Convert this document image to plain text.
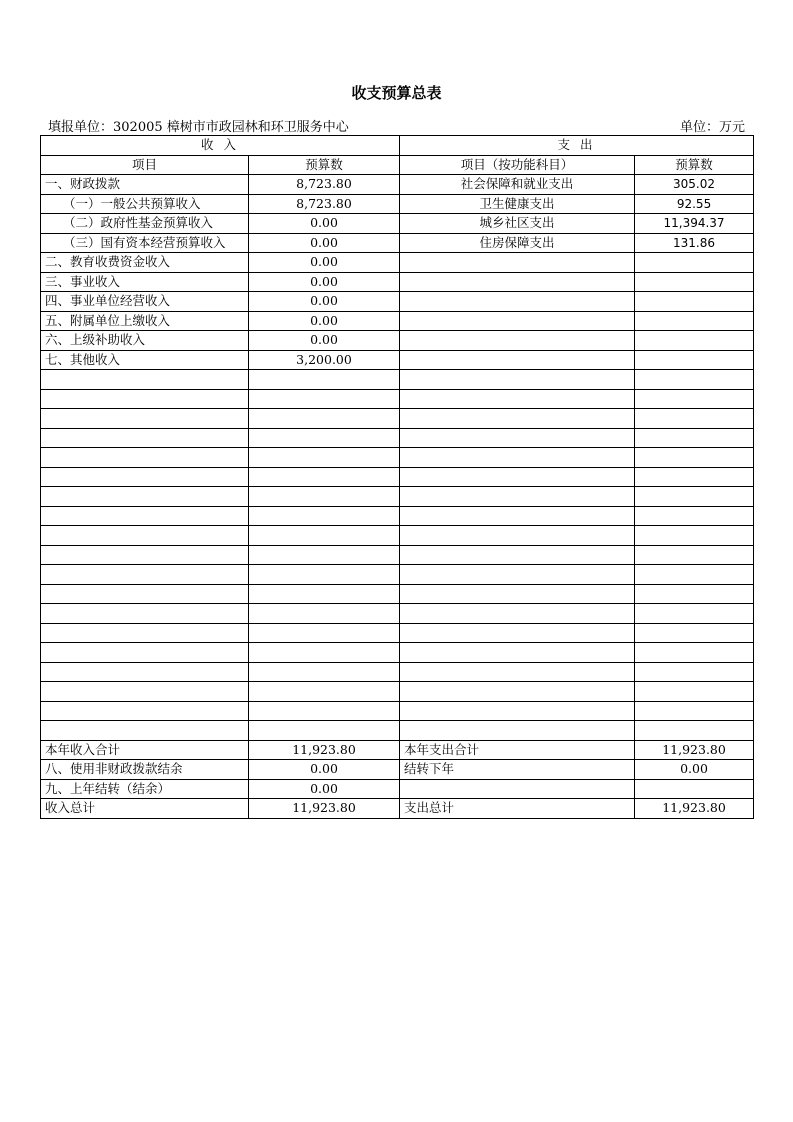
收支预算总表
填报单位：302005 樟树市市政园林和环卫服务中心	单位：万元
收 入		支 出	
项目	预算数	项目（按功能科目）	预算数
一、财政拨款	8,723.80	社会保障和就业支出	305.02
（一）一般公共预算收入	8,723.80	卫生健康支出	92.55
（二）政府性基金预算收入	0.00	城乡社区支出	11,394.37
（三）国有资本经营预算收入	0.00	住房保障支出	131.86
二、教育收费资金收入	0.00		
三、事业收入	0.00		
四、事业单位经营收入	0.00		
五、附属单位上缴收入	0.00		
六、上级补助收入	0.00		
七、其他收入	3,200.00		

本年收入合计	11,923.80	本年支出合计	11,923.80
八、使用非财政拨款结余	0.00	结转下年	0.00
九、上年结转（结余）	0.00		
收入总计	11,923.80	支出总计	11,923.80
